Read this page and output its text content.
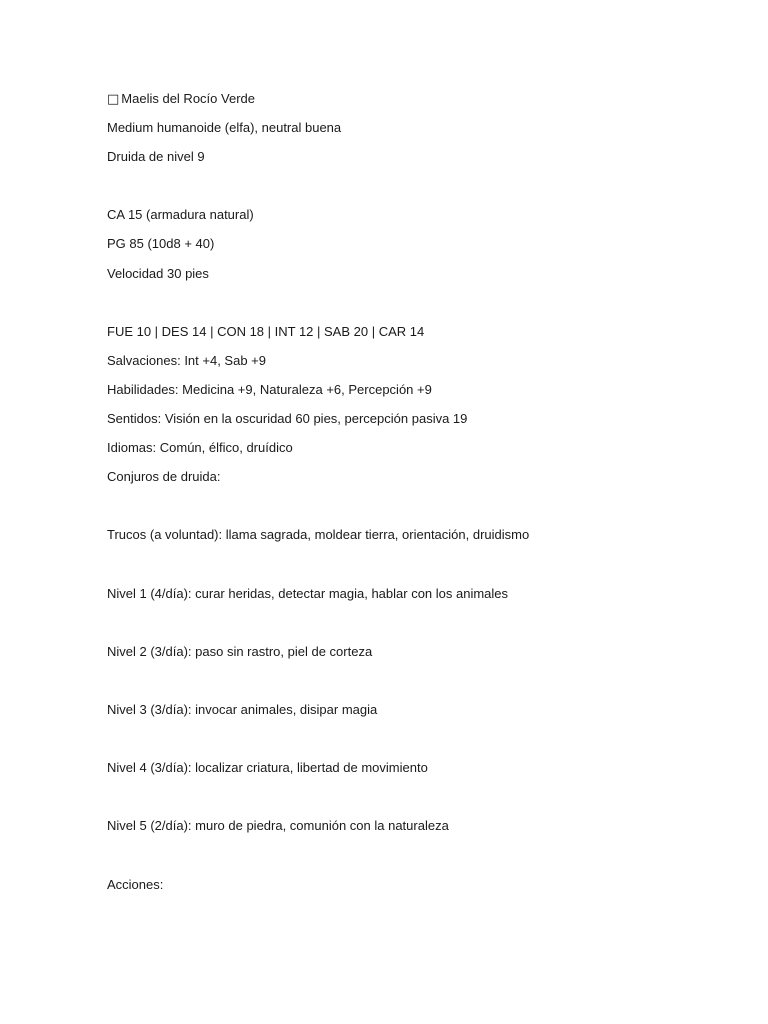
□ Maelis del Rocío Verde
Medium humanoide (elfa), neutral buena
Druida de nivel 9
CA 15 (armadura natural)
PG 85 (10d8 + 40)
Velocidad 30 pies
FUE 10 | DES 14 | CON 18 | INT 12 | SAB 20 | CAR 14
Salvaciones: Int +4, Sab +9
Habilidades: Medicina +9, Naturaleza +6, Percepción +9
Sentidos: Visión en la oscuridad 60 pies, percepción pasiva 19
Idiomas: Común, élfico, druídico
Conjuros de druida:
Trucos (a voluntad): llama sagrada, moldear tierra, orientación, druidismo
Nivel 1 (4/día): curar heridas, detectar magia, hablar con los animales
Nivel 2 (3/día): paso sin rastro, piel de corteza
Nivel 3 (3/día): invocar animales, disipar magia
Nivel 4 (3/día): localizar criatura, libertad de movimiento
Nivel 5 (2/día): muro de piedra, comunión con la naturaleza
Acciones:
